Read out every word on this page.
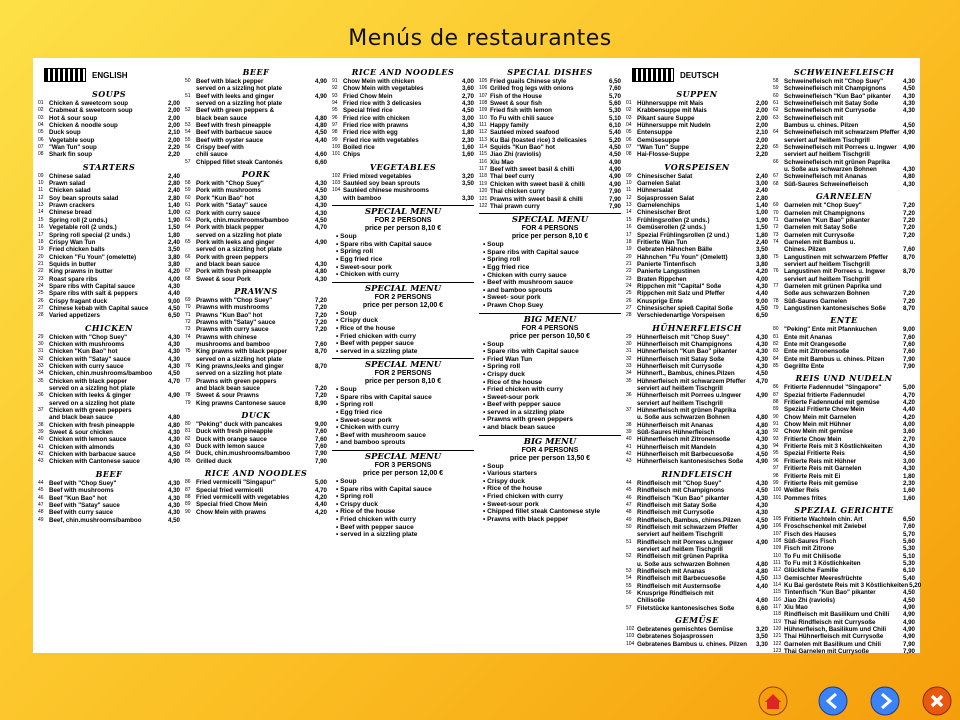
Menús de restaurantes
ENGLISH
SOUPS
01 Chicken & sweetcorn soup	2,00
02 Crabmeat & sweetcorn soup	2,00
03 Hot & sour soup	2,00
04 Chicken & noodle soup	2,00
05 Duck soup	2,10
06 Vegetable soup	2,00
07 "Wan Tun" soup	2,20
08 Shark fin soup	2,20
STARTERS
09 Chinese salad	2,40
10 Prawn salad	2,80
11 Chicken salad	2,40
12 Soy bean sprouts salad	2,80
13 Prawn crackers	1,40
14 Chinese bread	1,00
15 Spring roll (2 unds.)	1,90
16 Vegetable roll (2 unds.)	1,50
17 Spring roll special (2 unds.)	1,80
18 Crispy Wan Tun	2,40
19 Fried chicken balls	3,50
20 Chicken "Fu Youn" (omelette)	3,80
21 Squids in butter	3,80
22 King prawns in butter	4,20
23 Roast spare ribs	4,00
24 Spare ribs with Capital sauce	4,30
25 Spare ribs with salt & peppers	4,40
26 Crispy fragant duck	9,00
27 Chinese kebab with Capital sauce	4,50
28 Varied appetizers	6,50
CHICKEN
29 Chicken with "Chop Suey"	4,30
30 Chicken with mushrooms	4,30
31 Chicken "Kun Bao" hot	4,30
32 Chicken with "Satay" sauce	4,30
33 Chicken with curry sauce	4,30
34 Chicken, chin.mushrooms/bamboo	4,50
35 Chicken with black pepper	4,70
served on a sizzling hot plate
36 Chicken with leeks & ginger	4,90
served on a sizzling hot plate
37 Chicken with green peppers
and black bean sauce	4,80
38 Chicken with fresh pineapple	4,80
39 Sweet & sour chicken	4,30
40 Chicken with lemon sauce	4,30
41 Chicken with almonds	4,30
42 Chicken with barbacue sauce	4,50
43 Chicken with Cantonese sauce	4,90
BEEF
44 Beef with "Chop Suey"	4,30
45 Beef with mushrooms	4,30
46 Beef "Kun Bao" hot	4,30
47 Beef with "Satay" sauce	4,30
48 Beef with curry sauce	4,30
49 Beef, chin.mushrooms/bamboo	4,50
BEEF
50 Beef with black pepper	4,90
served on a sizzling hot plate
51 Beef with leeks and ginger	4,90
served on a sizzling hot plate
52 Beef with green peppers &
black bean sauce	4,80
53 Beef with fresh pineapple	4,80
54 Beef with barbacue sauce	4,50
55 Beef with oyster sauce	4,40
56 Crispy beef with
chili sauce	4,60
57 Chipped fillet steak Cantonés	6,60
PORK
58 Pork with "Chop Suey"	4,30
59 Pork with mushrooms	4,50
60 Pork "Kun Bao" hot	4,30
61 Pork with "Satay" sauce	4,30
62 Pork with curry sauce	4,30
63 Pork, chin.mushrooms/bamboo	4,50
64 Pork with black pepper	4,70
served on a sizzling hot plate
65 Pork with leeks and ginger	4,90
served on a sizzling hot plate
66 Pork with green peppers
and black bean sauce	4,30
67 Pork with fresh pineapple	4,80
68 Sweet & sour Pork	4,30
PRAWNS
69 Prawns with "Chop Suey"	7,20
70 Prawns with mushrooms	7,20
71 Prawns "Kun Bao" hot	7,20
72 Prawns with "Satay" sauce	7,20
73 Prawns with curry sauce	7,20
74 Prawns with chinese
mushrooms and bamboo	7,60
75 King prawns with black pepper	8,70
served on a sizzling hot plate
76 King prawns,leeks and ginger	8,70
served on a sizzling hot plate
77 Prawns with green peppers
and black bean sauce	7,20
78 Sweet & sour Prawns	7,20
79 King prawns Cantonese sauce	8,90
DUCK
80 "Peking" duck with pancakes	9,00
81 Duck with fresh pineapple	7,60
82 Duck with orange sauce	7,60
83 Duck with lemon sauce	7,60
84 Duck, chin.mushrooms/bamboo	7,90
85 Grilled duck	7,90
RICE AND NOODLES
86 Fried vermicelli "Singapur"	5,00
87 Special fried vermicelli	4,70
88 Fried vermicelli with vegetables	4,20
89 Special fried Chow Mein	4,40
90 Chow Mein with prawns	4,20
RICE AND NOODLES
91 Chow Mein with chicken	4,00
92 Chow Mein with vegetables	3,60
93 Fried Chow Mein	2,70
94 Fried rice with 3 delicasies	4,30
95 Special fried rice	4,50
96 Fried rice with chicken	3,00
97 Fried rice with prawns	4,30
98 Fried rice with egg	1,80
99 Fried rice with vegetables	2,30
100 Boiled rice	1,60
101 Chips	1,60
VEGETABLES
102 Fried mixed vegetables	3,20
103 Sautéed soy bean sprouts	3,50
104 Sautéed chinese mushrooms
with bamboo	3,30
SPECIAL MENU
FOR 2 PERSONS
price per person 8,10 €
• Soup
• Spare ribs with Capital sauce
• Spring roll
• Egg fried rice
• Sweet-sour pork
• Chicken with curry
SPECIAL MENU
FOR 2 PERSONS
price per person 12,00 €
• Soup
• Crispy duck
• Rice of the house
• Fried chicken with curry
• Beef with pepper sauce
• served in a sizzling plate
SPECIAL MENU
FOR 2 PERSONS
price per person 8,10 €
• Soup
• Spare ribs with Capital sauce
• Spring roll
• Egg fried rice
• Sweet-sour pork
• Chicken with curry
• Beef with mushroom sauce
• and bamboo sprouts
SPECIAL MENU
FOR 3 PERSONS
price per person 12,00 €
• Soup
• Spare ribs with Capital sauce
• Spring roll
• Crispy duck
• Rice of the house
• Fried chicken with curry
• Beef with pepper sauce
• served in a sizzling plate
SPECIAL DISHES
105 Fried guails Chinese style	6,50
106 Grilled frog legs with onions	7,60
107 Fish of the House	5,70
108 Sweet & sour fish	5,60
109 Fried fish with lemon	5,30
110 To Fu with chili sauce	5,10
111 Happy family	6,10
112 Sautéed mixed seafood	5,40
113 Ku Bai (toasted rice) 3 delicasies	5,20
114 Squids "Kun Bao" hot	4,50
115 Jiao Zhi (raviolis)	4,50
116 Xiu Mao	4,90
117 Beef with sweet basil & chilli	4,90
118 Thai beef curry	4,90
119 Chicken with sweet basil & chilli	4,90
120 Thai chicken curry	7,90
121 Prawns with sweet basil & chilli	7,90
122 Thai prawn curry	7,90
SPECIAL MENU
FOR 4 PERSONS
price per person 8,10 €
• Soup
• Spare ribs with Capital sauce
• Spring roll
• Egg fried rice
• Chicken with curry sauce
• Beef with mushroom sauce
• and bamboo sprouts
• Sweet- sour pork
• Prawn Chop Suey
BIG MENU
FOR 4 PERSONS
price per person 10,50 €
• Soup
• Spare ribs with Capital sauce
• Fried Wan Tun
• Spring roll
• Crispy duck
• Rice of the house
• Fried chicken with curry
• Sweet-sour pork
• Beef with pepper sauce
• served in a sizzling plate
• Prawns with green peppers
• and black bean sauce
BIG MENU
FOR 4 PERSONS
price per person 13,50 €
• Soup
• Various starters
• Crispy duck
• Rice of the house
• Fried chicken with curry
• Sweet-sour pork
• Chipped fillet steak Cantonese style
• Prawns with black pepper
DEUTSCH
SUPPEN
01 Hühnersuppe mit Mais	2,00
02 Krabbensuppe mit Mais	2,00
03 Pikant saure Suppe	2,00
04 Hühnersuppe mit Nudeln	2,00
05 Entensuppe	2,10
06 Gemüsesuppe	2,00
07 "Wan Tun" Suppe	2,20
08 Hai-Flosse-Suppe	2,20
VORSPEISEN
09 Chinesischer Salat	2,40
10 Garnelen Salat	3,00
11 Hühnersalat	2,40
12 Sojasprossen Salat	2,80
13 Garnelenchips	1,40
14 Chinesischer Brot	1,00
15 Frühlingsrollen (2 unds.)	1,90
16 Gemüserollen (2 unds.)	1,50
17 Spezial Frühlingsrollen (2 und.)	1,80
18 Fritierte Wan Tun	2,40
19 Gebraten Hähnchen Bälle	3,50
20 Hähnchen "Fu Youn" (Omelett)	3,80
21 Panierte Tintenfisch	3,80
22 Panierte Langustinen	4,20
23 Braten Rippchen	4,00
24 Rippchen mit "Capital" Soße	4,30
25 Rippchen mit Salz und Pfeffer	4,40
26 Knusprige Ente	9,00
27 Chinesischer spieß Capital Soße	4,50
28 Verschiedenartige Vorspeisen	6,50
HÜHNERFLEISCH
29 Hühnerfleisch mit "Chop Suey"	4,30
30 Hühnerfleisch mit Champignons	4,30
31 Hühnerfleisch "Kun Bao" pikanter	4,30
32 Hühnerfleisch mit Satay Soße	4,30
33 Hühnerfleisch mit Currysoße	4,30
34 Hühnerfl., Bambus, chines.Pilzen	4,50
35 Hühnerfleisch mit schwarzem Pfeffer	4,70
serviert auf heißem Tischgrill
36 Hühnerfleisch mit Porrees u.Ingwer	4,90
serviert auf heißem Tischgrill
37 Hühnerfleisch mit grünen Paprika
u. Soße aus schwarzen Bohnen	4,80
38 Hühnerfleisch mit Ananas	4,80
39 Süß-Saures Hühnerfleisch	4,30
40 Hühnerfleisch mit Zitronensoße	4,30
41 Hühnerfleisch mit Mandeln	4,30
42 Hühnerfleisch mit Barbecuesoße	4,50
43 Hühnerfleisch kantonesisches Soße	4,90
RINDFLEISCH
44 Rindfleisch mit "Chop Suey"	4,30
45 Rindfleisch mit Champignons	4,50
46 Rindfleisch "Kun Bao" pikanter	4,30
47 Rindfleisch mit Satay Soße	4,30
48 Rindfleisch mit Currysoße	4,30
49 Rindfleisch, Bambus, chines.Pilzen	4,50
50 Rindfleisch mit schwarzem Pfeffer	4,90
serviert auf heißem Tischgrill
51 Rindfleisch mit Porrees u.Ingwer	4,90
serviert auf heißem Tischgrill
52 Rindfleisch mit grünen Paprika
u. Soße aus schwarzen Bohnen	4,80
53 Rindfleisch mit Ananas	4,80
54 Rindfleisch mit Barbecuesoße	4,50
55 Rindfleisch mit Austernsoße	4,40
56 Knusprige Rindfleisch mit
Chilisoße	4,60
57 Filetstücke kantonesisches Soße	6,60
GEMÜSE
102 Gebratenes gemischtes Gemüse	3,20
103 Gebratenes Sojasprossen	3,50
104 Gebratenes Bambus u. chines. Pilzen	3,30
SCHWEINEFLEISCH
58 Schweinefleisch mit "Chop Suey"	4,30
59 Schweinefleisch mit Champignons	4,50
60 Schweinefleisch "Kun Bao" pikanter	4,30
61 Schweinefleisch mit Satay Soße	4,30
62 Schweinefleisch mit Currysoße	4,30
63 Schweinefleisch mit
Bambus u. chines. Pilzen	4,50
64 Schweinefleisch mit schwarzem Pfeffer 4,90
serviert auf heißem Tischgrill
65 Schweinefleisch mit Porrees u. Ingwer 4,90
serviert auf heißem Tischgrill
66 Schweinefleisch mit grünen Paprika
u. Soße aus schwarzen Bohnen	4,30
67 Schweinefleisch mit Ananas	4,80
68 Süß-Saures Schweinefleisch	4,30
GARNELEN
69 Garnelen mit "Chop Suey"	7,20
70 Garnelen mit Champignons	7,20
71 Garnelen "Kun Bao" pikanter	7,20
72 Garnelen mit Satay Soße	7,20
73 Garnelen mit Currysoße	7,20
74 Garnelen mit Bambus u.
Chines. Pilzen	7,60
75 Langustinen mit schwarzem Pfeffer	8,70
serviert auf heißem Tischgrill
76 Langustinen mit Porrees u. Ingwer	8,70
serviert auf heißem Tischgrill
77 Garnelen mit grünen Paprika und
Soße aus schwarzen Bohnen	7,20
78 Süß-Saures Garnelen	7,20
79 Langustinen kantonesisches Soße	8,70
ENTE
80 "Peking" Ente mit Pfannkuchen	9,00
81 Ente mit Ananas	7,60
82 Ente mit Orangesoße	7,60
83 Ente mit Zitronensoße	7,60
84 Ente mit Bambus u. chines. Pilzen	7,90
85 Gegrillte Ente	7,90
REIS UND NUDELN
86 Fritierte Fadennudel "Singapore"	5,00
87 Spezial fritierte Fadennudel	4,70
88 Fritierte Fadennudel mit gemüse	4,20
89 Spezial Fritierte Chow Mein	4,40
90 Chow Mein mit Garnelen	4,20
91 Chow Mein mit Hühner	4,00
92 Chow Mein mit gemüse	3,60
93 Fritierte Chow Mein	2,70
94 Fritierte Reis mit 3 Köstlichkeiten	4,30
95 Spezial Fritierte Reis	4,50
96 Fritierte Reis mit Hühner	3,00
97 Fritierte Reis mit Garnelen	4,30
98 Fritierte Reis mit Ei	1,80
99 Fritierte Reis mit gemüse	2,30
100 Weißer Reis	1,60
101 Pommes frites	1,60
SPEZIAL GERICHTE
105 Fritierte Wachteln chin. Art	6,50
106 Froschschenkel mit Zwiebel	7,60
107 Fisch des Hauses	5,70
108 Süß-Saures Fisch	5,60
109 Fisch mit Zitrone	5,30
110 To Fu mit Chilisoße	5,10
111 To Fu mit 3 Köstlichkeiten	5,30
112 Glückliche Familie	6,10
113 Gemischter Meeresfrüchte	5,40
114 Ku Bai geröstete Reis mit 3 Köstlichkeiten 5,20
115 Tintenfisch "Kun Bao" pikanter	4,50
116 Jiao Zhi (raviolis)	4,50
117 Xiu Mao	4,90
118 Rindfleisch mit Basilikum und Chilli	4,90
119 Thai Rindfleisch mit Currysoße	4,90
120 Hühnerfleisch, Basilikum und Chili	4,90
121 Thai Hühnerfleisch mit Currysoße	4,90
122 Garnelen mit Basilikum und Chili	7,90
123 Thai Garnelen mit Currysoße	7,90
